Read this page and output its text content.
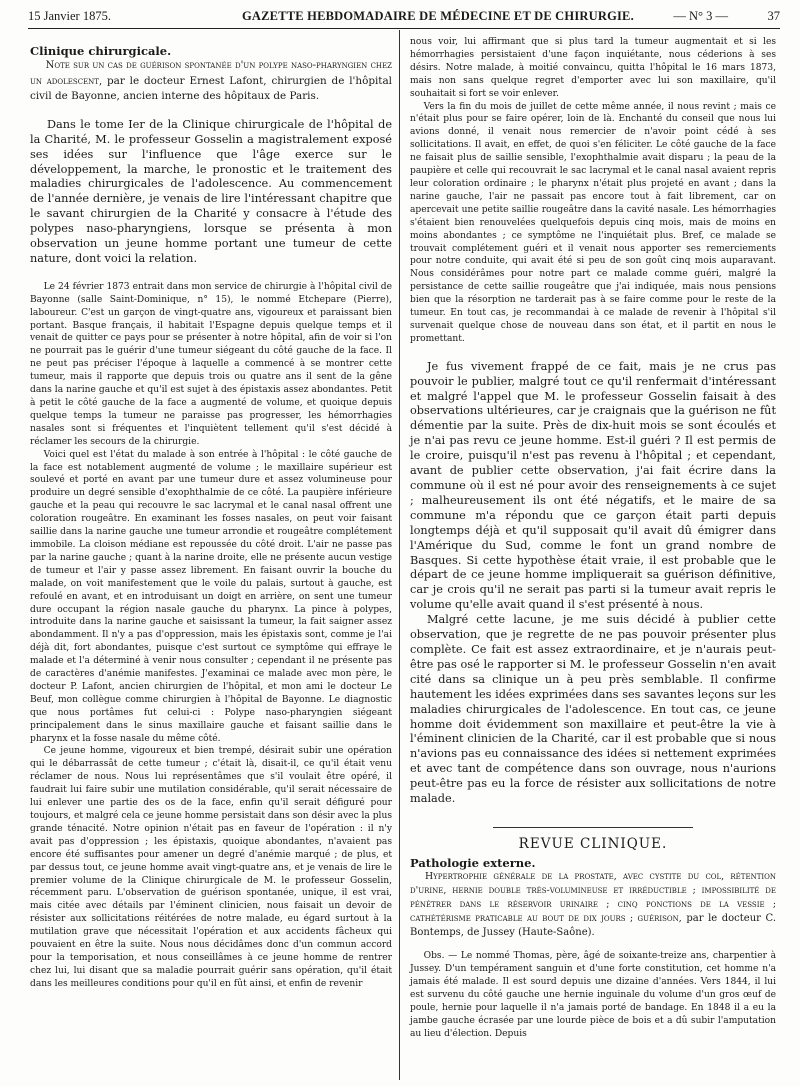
15 Janvier 1875.	GAZETTE HEBDOMADAIRE DE MÉDECINE ET DE CHIRURGIE.	— N° 3 —	37

Clinique chirurgicale.

Note sur un cas de guérison spontanée d'un polype naso-pharyngien chez un adolescent, par le docteur Ernest Lafont, chirurgien de l'hôpital civil de Bayonne, ancien interne des hôpitaux de Paris.

Dans le tome Ier de la Clinique chirurgicale de l'hôpital de la Charité, M. le professeur Gosselin a magistralement exposé ses idées sur l'influence que l'âge exerce sur le développement, la marche, le pronostic et le traitement des maladies chirurgicales de l'adolescence. Au commencement de l'année dernière, je venais de lire l'intéressant chapitre que le savant chirurgien de la Charité y consacre à l'étude des polypes naso-pharyngiens, lorsque se présenta à mon observation un jeune homme portant une tumeur de cette nature, dont voici la relation.

Le 24 février 1873 entrait dans mon service de chirurgie à l'hôpital civil de Bayonne (salle Saint-Dominique, n° 15), le nommé Etchepare (Pierre), laboureur. C'est un garçon de vingt-quatre ans, vigoureux et paraissant bien portant. Basque français, il habitait l'Espagne depuis quelque temps et il venait de quitter ce pays pour se présenter à notre hôpital, afin de voir si l'on ne pourrait pas le guérir d'une tumeur siégeant du côté gauche de la face. Il ne peut pas préciser l'époque à laquelle a commencé à se montrer cette tumeur, mais il rapporte que depuis trois ou quatre ans il sent de la gêne dans la narine gauche et qu'il est sujet à des épistaxis assez abondantes. Petit à petit le côté gauche de la face a augmenté de volume, et quoique depuis quelque temps la tumeur ne paraisse pas progresser, les hémorrhagies nasales sont si fréquentes et l'inquiètent tellement qu'il s'est décidé à réclamer les secours de la chirurgie.

Voici quel est l'état du malade à son entrée à l'hôpital : le côté gauche de la face est notablement augmenté de volume ; le maxillaire supérieur est soulevé et porté en avant par une tumeur dure et assez volumineuse pour produire un degré sensible d'exophthalmie de ce côté. La paupière inférieure gauche et la peau qui recouvre le sac lacrymal et le canal nasal offrent une coloration rougeâtre. En examinant les fosses nasales, on peut voir faisant saillie dans la narine gauche une tumeur arrondie et rougeâtre complétement immobile. La cloison médiane est repoussée du côté droit. L'air ne passe pas par la narine gauche ; quant à la narine droite, elle ne présente aucun vestige de tumeur et l'air y passe assez librement. En faisant ouvrir la bouche du malade, on voit manifestement que le voile du palais, surtout à gauche, est refoulé en avant, et en introduisant un doigt en arrière, on sent une tumeur dure occupant la région nasale gauche du pharynx. La pince à polypes, introduite dans la narine gauche et saisissant la tumeur, la fait saigner assez abondamment. Il n'y a pas d'oppression, mais les épistaxis sont, comme je l'ai déjà dit, fort abondantes, puisque c'est surtout ce symptôme qui effraye le malade et l'a déterminé à venir nous consulter ; cependant il ne présente pas de caractères d'anémie manifestes. J'examinai ce malade avec mon père, le docteur P. Lafont, ancien chirurgien de l'hôpital, et mon ami le docteur Le Beuf, mon collègue comme chirurgien à l'hôpital de Bayonne. Le diagnostic que nous portâmes fut celui-ci : Polype naso-pharyngien siégeant principalement dans le sinus maxillaire gauche et faisant saillie dans le pharynx et la fosse nasale du même côté.

Ce jeune homme, vigoureux et bien trempé, désirait subir une opération qui le débarrassât de cette tumeur ; c'était là, disait-il, ce qu'il était venu réclamer de nous. Nous lui représentâmes que s'il voulait être opéré, il faudrait lui faire subir une mutilation considérable, qu'il serait nécessaire de lui enlever une partie des os de la face, enfin qu'il serait défiguré pour toujours, et malgré cela ce jeune homme persistait dans son désir avec la plus grande ténacité. Notre opinion n'était pas en faveur de l'opération : il n'y avait pas d'oppression ; les épistaxis, quoique abondantes, n'avaient pas encore été suffisantes pour amener un degré d'anémie marqué ; de plus, et par dessus tout, ce jeune homme avait vingt-quatre ans, et je venais de lire le premier volume de la Clinique chirurgicale de M. le professeur Gosselin, récemment paru. L'observation de guérison spontanée, unique, il est vrai, mais citée avec détails par l'éminent clinicien, nous faisait un devoir de résister aux sollicitations réitérées de notre malade, eu égard surtout à la mutilation grave que nécessitait l'opération et aux accidents fâcheux qui pouvaient en être la suite. Nous nous décidâmes donc d'un commun accord pour la temporisation, et nous conseillâmes à ce jeune homme de rentrer chez lui, lui disant que sa maladie pourrait guérir sans opération, qu'il était dans les meilleures conditions pour qu'il en fût ainsi, et enfin de revenir

nous voir, lui affirmant que si plus tard la tumeur augmentait et si les hémorrhagies persistaient d'une façon inquiétante, nous céderions à ses désirs. Notre malade, à moitié convaincu, quitta l'hôpital le 16 mars 1873, mais non sans quelque regret d'emporter avec lui son maxillaire, qu'il souhaitait si fort se voir enlever.

Vers la fin du mois de juillet de cette même année, il nous revint ; mais ce n'était plus pour se faire opérer, loin de là. Enchanté du conseil que nous lui avions donné, il venait nous remercier de n'avoir point cédé à ses sollicitations. Il avait, en effet, de quoi s'en féliciter. Le côté gauche de la face ne faisait plus de saillie sensible, l'exophthalmie avait disparu ; la peau de la paupière et celle qui recouvrait le sac lacrymal et le canal nasal avaient repris leur coloration ordinaire ; le pharynx n'était plus projeté en avant ; dans la narine gauche, l'air ne passait pas encore tout à fait librement, car on apercevait une petite saillie rougeâtre dans la cavité nasale. Les hémorrhagies s'étaient bien renouvelées quelquefois depuis cinq mois, mais de moins en moins abondantes ; ce symptôme ne l'inquiétait plus. Bref, ce malade se trouvait complétement guéri et il venait nous apporter ses remerciements pour notre conduite, qui avait été si peu de son goût cinq mois auparavant. Nous considérâmes pour notre part ce malade comme guéri, malgré la persistance de cette saillie rougeâtre que j'ai indiquée, mais nous pensions bien que la résorption ne tarderait pas à se faire comme pour le reste de la tumeur. En tout cas, je recommandai à ce malade de revenir à l'hôpital s'il survenait quelque chose de nouveau dans son état, et il partit en nous le promettant.

Je fus vivement frappé de ce fait, mais je ne crus pas pouvoir le publier, malgré tout ce qu'il renfermait d'intéressant et malgré l'appel que M. le professeur Gosselin faisait à des observations ultérieures, car je craignais que la guérison ne fût démentie par la suite. Près de dix-huit mois se sont écoulés et je n'ai pas revu ce jeune homme. Est-il guéri ? Il est permis de le croire, puisqu'il n'est pas revenu à l'hôpital ; et cependant, avant de publier cette observation, j'ai fait écrire dans la commune où il est né pour avoir des renseignements à ce sujet ; malheureusement ils ont été négatifs, et le maire de sa commune m'a répondu que ce garçon était parti depuis longtemps déjà et qu'il supposait qu'il avait dû émigrer dans l'Amérique du Sud, comme le font un grand nombre de Basques. Si cette hypothèse était vraie, il est probable que le départ de ce jeune homme impliquerait sa guérison définitive, car je crois qu'il ne serait pas parti si la tumeur avait repris le volume qu'elle avait quand il s'est présenté à nous.

Malgré cette lacune, je me suis décidé à publier cette observation, que je regrette de ne pas pouvoir présenter plus complète. Ce fait est assez extraordinaire, et je n'aurais peut-être pas osé le rapporter si M. le professeur Gosselin n'en avait cité dans sa clinique un à peu près semblable. Il confirme hautement les idées exprimées dans ses savantes leçons sur les maladies chirurgicales de l'adolescence. En tout cas, ce jeune homme doit évidemment son maxillaire et peut-être la vie à l'éminent clinicien de la Charité, car il est probable que si nous n'avions pas eu connaissance des idées si nettement exprimées et avec tant de compétence dans son ouvrage, nous n'aurions peut-être pas eu la force de résister aux sollicitations de notre malade.

REVUE CLINIQUE.

Pathologie externe.

Hypertrophie générale de la prostate, avec cystite du col, rétention d'urine, hernie double très-volumineuse et irréductible ; impossibilité de pénétrer dans le réservoir urinaire ; cinq ponctions de la vessie ; cathétérisme praticable au bout de dix jours ; guérison, par le docteur C. Bontemps, de Jussey (Haute-Saône).

Obs. — Le nommé Thomas, père, âgé de soixante-treize ans, charpentier à Jussey. D'un tempérament sanguin et d'une forte constitution, cet homme n'a jamais été malade. Il est sourd depuis une dizaine d'années. Vers 1844, il lui est survenu du côté gauche une hernie inguinale du volume d'un gros œuf de poule, hernie pour laquelle il n'a jamais porté de bandage. En 1848 il a eu la jambe gauche écrasée par une lourde pièce de bois et a dû subir l'amputation au lieu d'élection. Depuis
